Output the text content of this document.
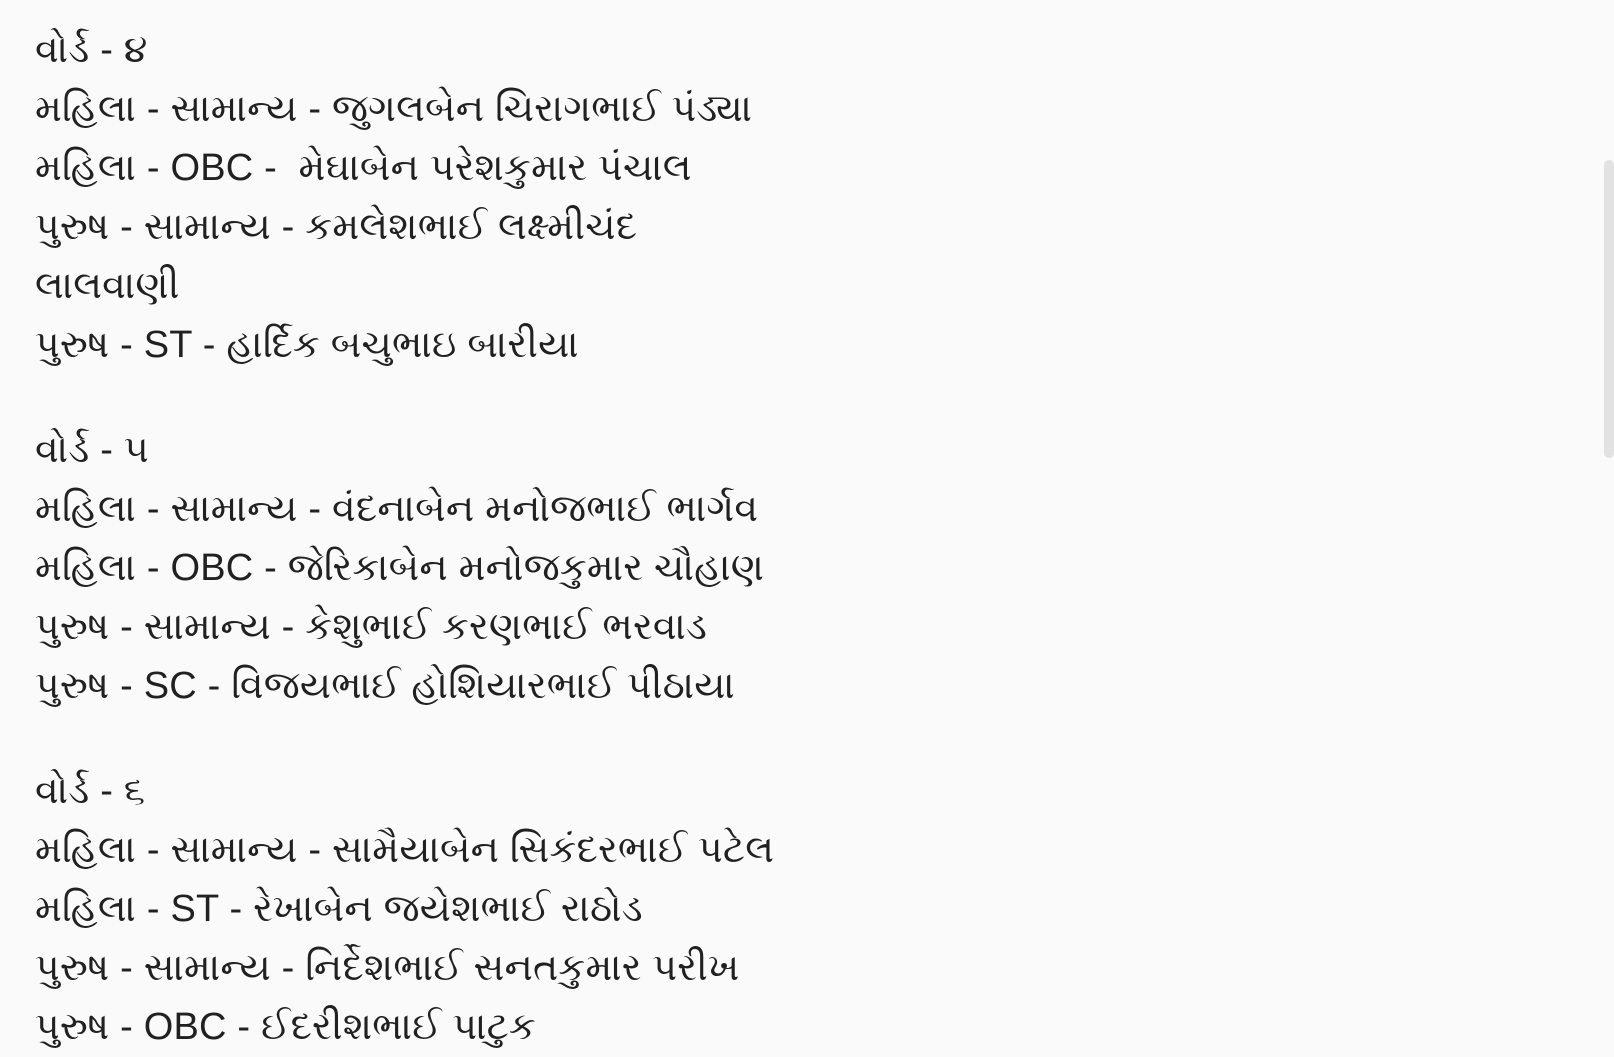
વોર્ડ - ૪
મહિલા - સામાન્ય - જુગલબેન ચિરાગભાઈ પંડ્યા
મહિલા - OBC -  મેઘાબેન પરેશકુમાર પંચાલ
પુરુષ - સામાન્ય - કમલેશભાઈ લક્ષ્મીચંદ લાલવાણી
પુરુષ - ST - હાર્દિક બચુભાઇ બારીયા
વોર્ડ - ૫
મહિલા - સામાન્ય - વંદનાબેન મનોજભાઈ ભાર્ગવ
મહિલા - OBC - જેરિકાબેન મનોજકુમાર ચૌહાણ
પુરુષ - સામાન્ય - કેશુભાઈ કરણભાઈ ભરવાડ
પુરુષ - SC - વિજયભાઈ હોશિયારભાઈ પીઠાયા
વોર્ડ - ૬
મહિલા - સામાન્ય - સામૈયાબેન સિકંદરભાઈ પટેલ
મહિલા - ST - રેખાબેન જયેશભાઈ રાઠોડ
પુરુષ - સામાન્ય - નિર્દેશભાઈ સનતકુમાર પરીખ
પુરુષ - OBC - ઈદરીશભાઈ પાટુક
